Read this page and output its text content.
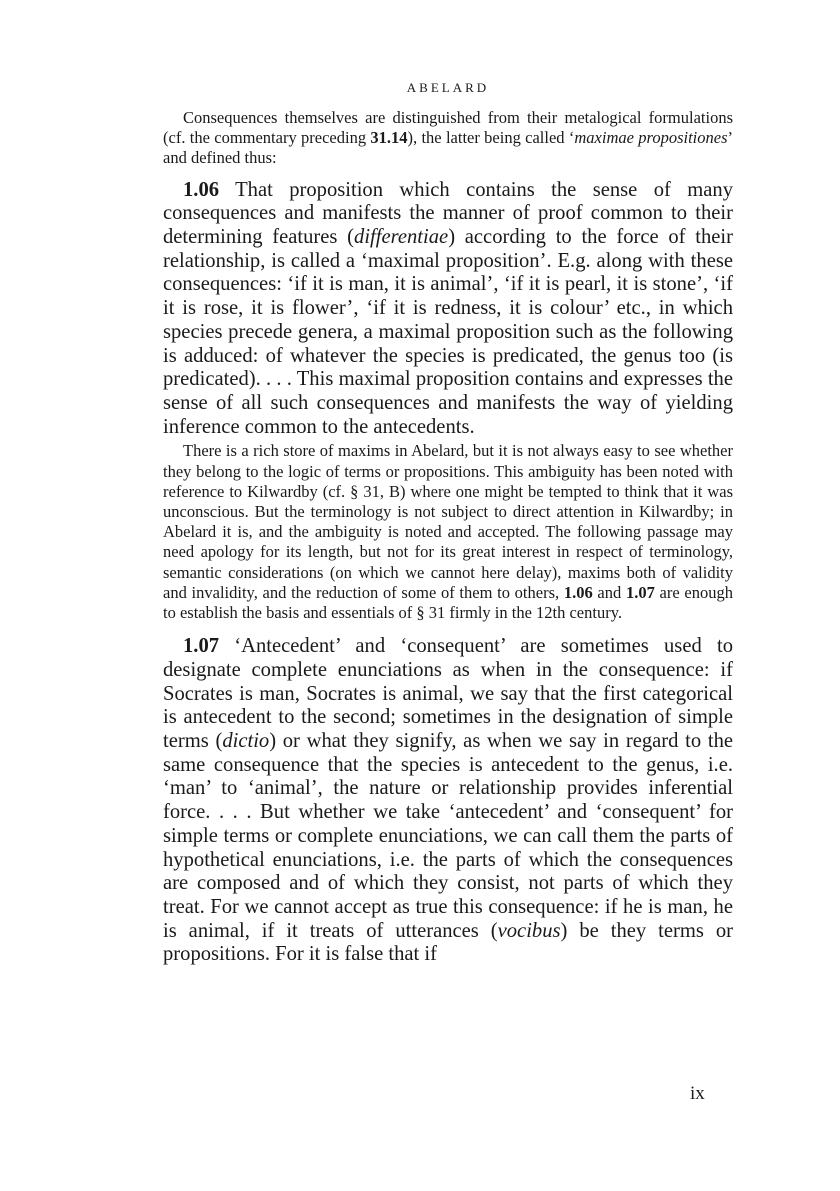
ABELARD

Consequences themselves are distinguished from their metalogical formulations (cf. the commentary preceding 31.14), the latter being called ‘maximae propositiones’ and defined thus:

1.06 That proposition which contains the sense of many consequences and manifests the manner of proof common to their determining features (differentiae) according to the force of their relationship, is called a ‘maximal proposition’. E.g. along with these consequences: ‘if it is man, it is animal’, ‘if it is pearl, it is stone’, ‘if it is rose, it is flower’, ‘if it is redness, it is colour’ etc., in which species precede genera, a maximal proposition such as the following is adduced: of whatever the species is predicated, the genus too (is predicated). . . . This maximal proposition contains and expresses the sense of all such consequences and manifests the way of yielding inference common to the antecedents.

There is a rich store of maxims in Abelard, but it is not always easy to see whether they belong to the logic of terms or propositions. This ambiguity has been noted with reference to Kilwardby (cf. § 31, B) where one might be tempted to think that it was unconscious. But the terminology is not subject to direct attention in Kilwardby; in Abelard it is, and the ambiguity is noted and accepted. The following passage may need apology for its length, but not for its great interest in respect of terminology, semantic considerations (on which we cannot here delay), maxims both of validity and invalidity, and the reduction of some of them to others, 1.06 and 1.07 are enough to establish the basis and essentials of § 31 firmly in the 12th century.

1.07 ‘Antecedent’ and ‘consequent’ are sometimes used to designate complete enunciations as when in the consequence: if Socrates is man, Socrates is animal, we say that the first categorical is antecedent to the second; sometimes in the designation of simple terms (dictio) or what they signify, as when we say in regard to the same consequence that the species is antecedent to the genus, i.e. ‘man’ to ‘animal’, the nature or relationship provides inferential force. . . . But whether we take ‘antecedent’ and ‘consequent’ for simple terms or complete enunciations, we can call them the parts of hypothetical enunciations, i.e. the parts of which the consequences are composed and of which they consist, not parts of which they treat. For we cannot accept as true this consequence: if he is man, he is animal, if it treats of utterances (vocibus) be they terms or propositions. For it is false that if

ix
